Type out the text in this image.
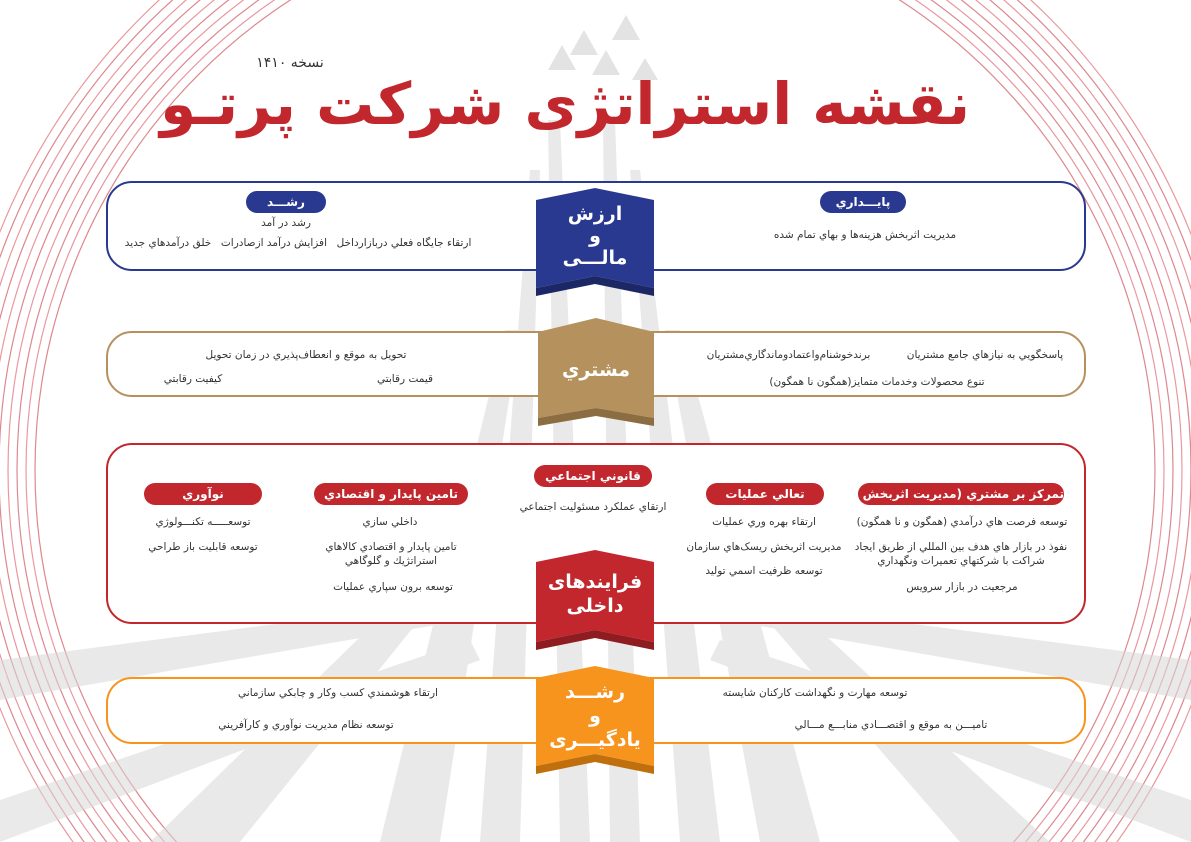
نسخه ۱۴۱۰
نقشه استراتژی شرکت پرتـو
رشـــد
رشد در آمد
ارتقاء جايگاه فعلي دربازارداخل
افزايش درآمد ازصادرات
خلق درآمدهاي جديد
پايـــداري
مديريت اثربخش هزينه‌ها و بهاي تمام شده
پاسخگويي به نيازهاي جامع مشتريان
برندخوشنام‌واعتمادو‌ماندگاري‌مشتريان
تنوع محصولات وخدمات متمايز(همگون نا همگون)
تحويل به موقع و انعطاف‌پذيري در زمان تحويل
قيمت رقابتي
كيفيت رقابتي
تمركز بر مشتري (مديريت اثربخش بازار)
توسعه فرصت هاي درآمدي (همگون و نا همگون)
نفوذ در بازار هاي هدف بين المللي از طريق ايجاد شراكت با شركتهاي تعميرات ونگهداري
مرجعيت در بازار سرويس
تعالي عمليات
ارتقاء بهره وري عمليات
مديريت اثربخش ريسک‌هاي سازمان
توسعه ظرفيت اسمي توليد
قانوني اجتماعي
ارتقاي عملكرد مسئوليت اجتماعي
تامين پايدار و اقتصادي
داخلي سازي
تامين پايدار و اقتصادي كالاهاي استراتژيك و گلوگاهي
توسعه برون سپاري عمليات
نوآوري
توسعـــــه تكنـــولوژي
توسعه قابليت باز طراحي
توسعه مهارت و نگهداشت كاركنان شايسته
تاميـــن به موقع و اقتصـــادي منابـــع مـــالي
ارتقاء هوشمندي كسب وكار و چابكي سازماني
توسعه نظام مديريت نوآوري و كارآفريني
ارزش
و
مالـــی
مشتري
فرايندهای
داخلی
رشـــد
و
يادگيـــری
